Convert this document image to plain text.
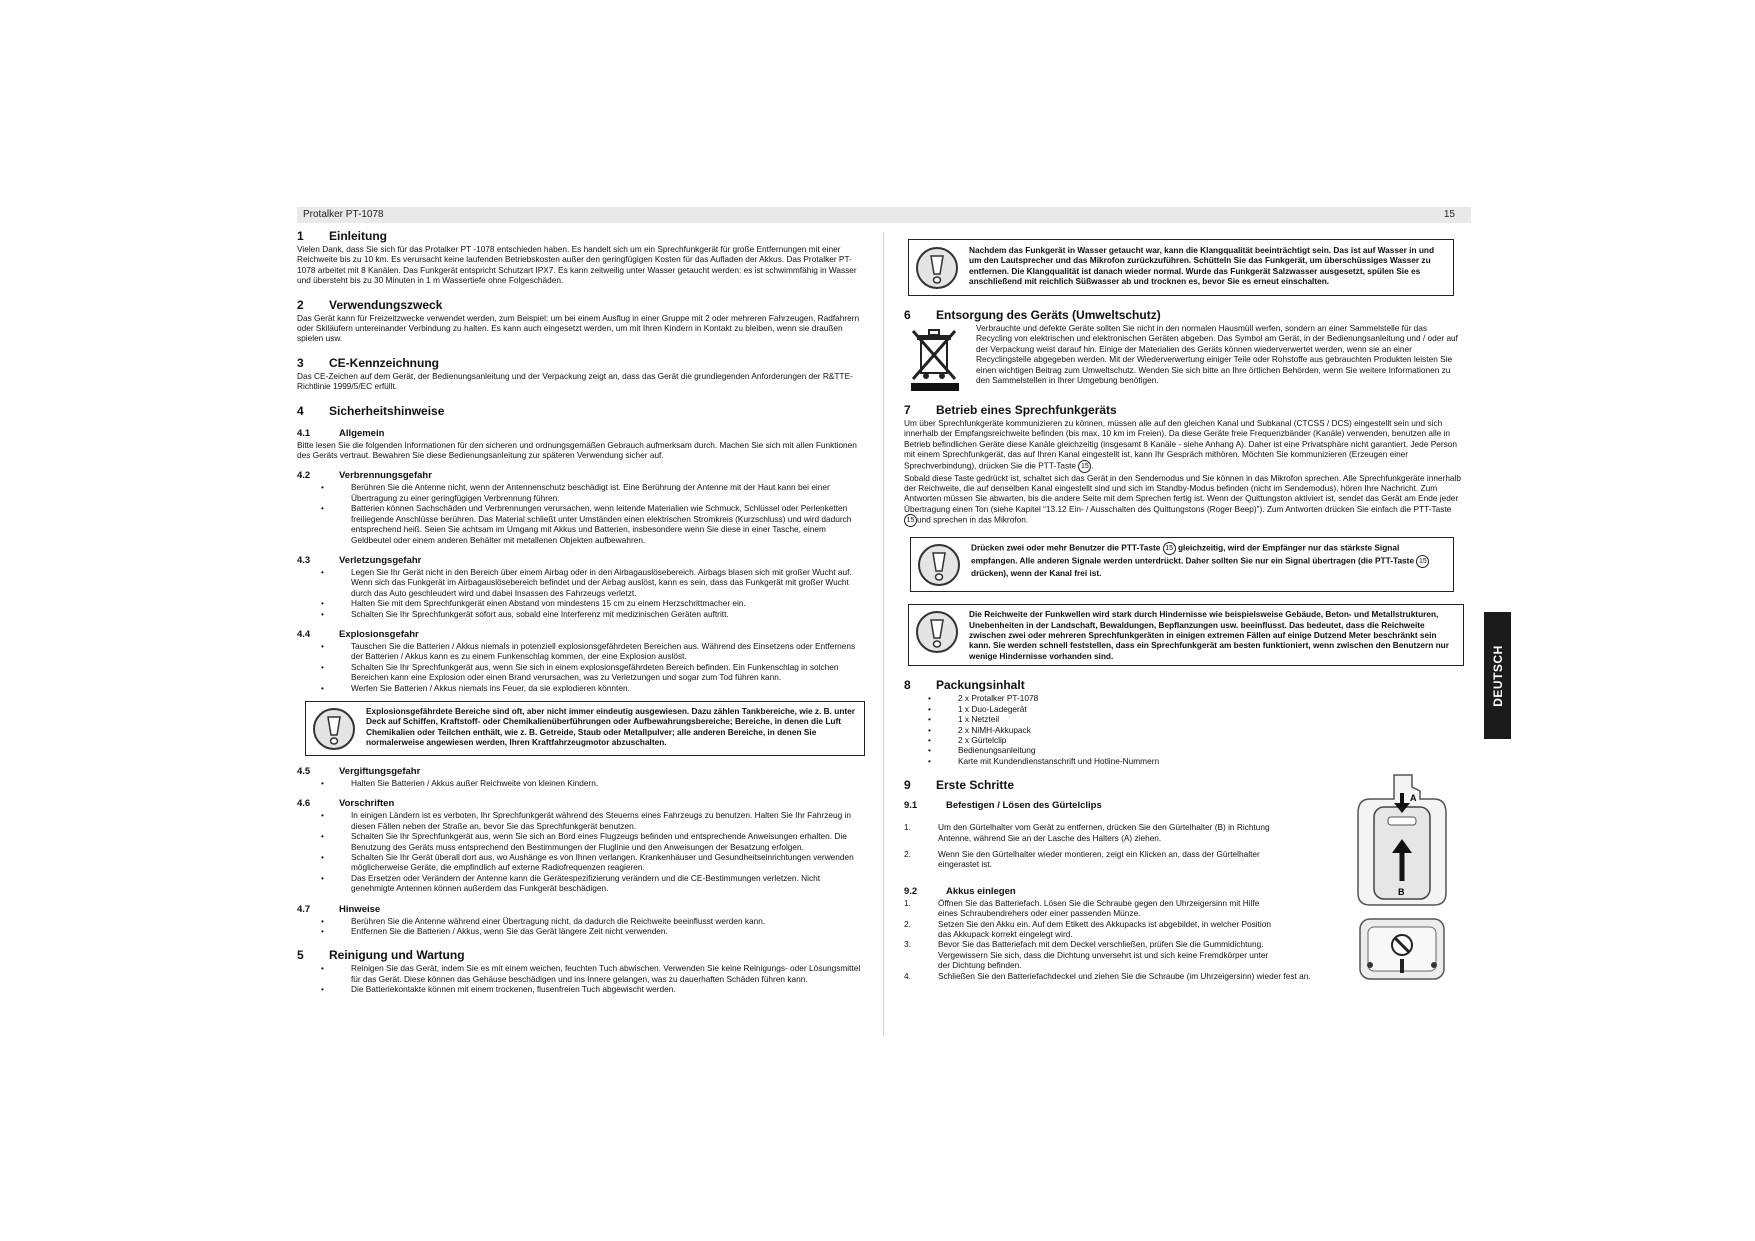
Protalker PT-1078	15
1 Einleitung

Vielen Dank, dass Sie sich für das Protalker PT -1078 entschieden haben. Es handelt sich um ein Sprechfunkgerät für große Entfernungen mit einer Reichweite bis zu 10 km. Es verursacht keine laufenden Betriebskosten außer den geringfügigen Kosten für das Aufladen der Akkus. Das Protalker PT-1078 arbeitet mit 8 Kanälen. Das Funkgerät entspricht Schutzart IPX7. Es kann zeitweilig unter Wasser getaucht werden: es ist schwimmfähig in Wasser und übersteht bis zu 30 Minuten in 1 m Wassertiefe ohne Folgeschäden.

2 Verwendungszweck

Das Gerät kann für Freizeitzwecke verwendet werden, zum Beispiel: um bei einem Ausflug in einer Gruppe mit 2 oder mehreren Fahrzeugen, Radfahrern oder Skiläufern untereinander Verbindung zu halten. Es kann auch eingesetzt werden, um mit Ihren Kindern in Kontakt zu bleiben, wenn sie draußen spielen usw.

3 CE-Kennzeichnung

Das CE-Zeichen auf dem Gerät, der Bedienungsanleitung und der Verpackung zeigt an, dass das Gerät die grundlegenden Anforderungen der R&TTE-Richtlinie 1999/5/EC erfüllt.

4 Sicherheitshinweise
4.1	Allgemein

Bitte lesen Sie die folgenden Informationen für den sicheren und ordnungsgemäßen Gebrauch aufmerksam durch. Machen Sie sich mit allen Funktionen des Geräts vertraut. Bewahren Sie diese Bedienungsanleitung zur späteren Verwendung sicher auf.

4.2	Verbrennungsgefahr
• Berühren Sie die Antenne nicht, wenn der Antennenschutz beschädigt ist. Eine Berührung der Antenne mit der Haut kann bei einer Übertragung zu einer geringfügigen Verbrennung führen.
• Batterien können Sachschäden und Verbrennungen verursachen, wenn leitende Materialien wie Schmuck, Schlüssel oder Perlenketten freiliegende Anschlüsse berühren. Das Material schließt unter Umständen einen elektrischen Stromkreis (Kurzschluss) und wird dadurch entsprechend heiß. Seien Sie achtsam im Umgang mit Akkus und Batterien, insbesondere wenn Sie diese in einer Tasche, einem Geldbeutel oder einem anderen Behälter mit metallenen Objekten aufbewahren.
4.3	Verletzungsgefahr
• Legen Sie Ihr Gerät nicht in den Bereich über einem Airbag oder in den Airbagauslösebereich. Airbags blasen sich mit großer Wucht auf. Wenn sich das Funkgerät im Airbagauslösebereich befindet und der Airbag auslöst, kann es sein, dass das Funkgerät mit großer Wucht durch das Auto geschleudert wird und dabei Insassen des Fahrzeugs verletzt.
• Halten Sie mit dem Sprechfunkgerät einen Abstand von mindestens 15 cm zu einem Herzschrittmacher ein.
• Schalten Sie Ihr Sprechfunkgerät sofort aus, sobald eine Interferenz mit medizinischen Geräten auftritt.
4.4	Explosionsgefahr
• Tauschen Sie die Batterien / Akkus niemals in potenziell explosionsgefährdeten Bereichen aus. Während des Einsetzens oder Entfernens der Batterien / Akkus kann es zu einem Funkenschlag kommen, der eine Explosion auslöst.
• Schalten Sie Ihr Sprechfunkgerät aus, wenn Sie sich in einem explosionsgefährdeten Bereich befinden. Ein Funkenschlag in solchen Bereichen kann eine Explosion oder einen Brand verursachen, was zu Verletzungen und sogar zum Tod führen kann.
• Werfen Sie Batterien / Akkus niemals ins Feuer, da sie explodieren könnten.
Explosionsgefährdete Bereiche sind oft, aber nicht immer eindeutig ausgewiesen. Dazu zählen Tankbereiche, wie z. B. unter Deck auf Schiffen, Kraftstoff- oder Chemikalienüberführungen oder Aufbewahrungsbereiche; Bereiche, in denen die Luft Chemikalien oder Teilchen enthält, wie z. B. Getreide, Staub oder Metallpulver; alle anderen Bereiche, in denen Sie normalerweise angewiesen werden, Ihren Kraftfahrzeugmotor abzuschalten.
4.5	Vergiftungsgefahr
• Halten Sie Batterien / Akkus außer Reichweite von kleinen Kindern.
4.6	Vorschriften
• In einigen Ländern ist es verboten, Ihr Sprechfunkgerät während des Steuerns eines Fahrzeugs zu benutzen. Halten Sie Ihr Fahrzeug in diesen Fällen neben der Straße an, bevor Sie das Sprechfunkgerät benutzen.
• Schalten Sie Ihr Sprechfunkgerät aus, wenn Sie sich an Bord eines Flugzeugs befinden und entsprechende Anweisungen erhalten. Die Benutzung des Geräts muss entsprechend den Bestimmungen der Fluglinie und den Anweisungen der Besatzung erfolgen.
• Schalten Sie Ihr Gerät überall dort aus, wo Aushänge es von Ihnen verlangen. Krankenhäuser und Gesundheitseinrichtungen verwenden möglicherweise Geräte, die empfindlich auf externe Radiofrequenzen reagieren.
• Das Ersetzen oder Verändern der Antenne kann die Gerätespezifizierung verändern und die CE-Bestimmungen verletzen. Nicht genehmigte Antennen können außerdem das Funkgerät beschädigen.
4.7	Hinweise
• Berühren Sie die Antenne während einer Übertragung nicht, da dadurch die Reichweite beeinflusst werden kann.
• Entfernen Sie die Batterien / Akkus, wenn Sie das Gerät längere Zeit nicht verwenden.
5 Reinigung und Wartung
• Reinigen Sie das Gerät, indem Sie es mit einem weichen, feuchten Tuch abwischen. Verwenden Sie keine Reinigungs- oder Lösungsmittel für das Gerät. Diese können das Gehäuse beschädigen und ins Innere gelangen, was zu dauerhaften Schäden führen kann.
• Die Batteriekontakte können mit einem trockenen, flusenfreien Tuch abgewischt werden.
Nachdem das Funkgerät in Wasser getaucht war, kann die Klangqualität beeinträchtigt sein. Das ist auf Wasser in und um den Lautsprecher und das Mikrofon zurückzuführen. Schütteln Sie das Funkgerät, um überschüssiges Wasser zu entfernen. Die Klangqualität ist danach wieder normal. Wurde das Funkgerät Salzwasser ausgesetzt, spülen Sie es anschließend mit reichlich Süßwasser ab und trocknen es, bevor Sie es erneut einschalten.
6 Entsorgung des Geräts (Umweltschutz)

Verbrauchte und defekte Geräte sollten Sie nicht in den normalen Hausmüll werfen, sondern an einer Sammelstelle für das Recycling von elektrischen und elektronischen Geräten abgeben. Das Symbol am Gerät, in der Bedienungsanleitung und / oder auf der Verpackung weist darauf hin. Einige der Materialien des Geräts können wiederverwertet werden, wenn sie an einer Recyclingstelle abgegeben werden. Mit der Wiederverwertung einiger Teile oder Rohstoffe aus gebrauchten Produkten leisten Sie einen wichtigen Beitrag zum Umweltschutz. Wenden Sie sich bitte an Ihre örtlichen Behörden, wenn Sie weitere Informationen zu den Sammelstellen in Ihrer Umgebung benötigen.

7 Betrieb eines Sprechfunkgeräts

Um über Sprechfunkgeräte kommunizieren zu können, müssen alle auf den gleichen Kanal und Subkanal (CTCSS / DCS) eingestellt sein und sich innerhalb der Empfangsreichweite befinden (bis max. 10 km im Freien). Da diese Geräte freie Frequenzbänder (Kanäle) verwenden, benutzen alle in Betrieb befindlichen Geräte diese Kanäle gleichzeitig (insgesamt 8 Kanäle - siehe Anhang A). Daher ist eine Privatsphäre nicht garantiert. Jede Person mit einem Sprechfunkgerät, das auf Ihren Kanal eingestellt ist, kann Ihr Gespräch mithören. Möchten Sie kommunizieren (Erzeugen einer Sprechverbindung), drücken Sie die PTT-Taste 15 .

Sobald diese Taste gedrückt ist, schaltet sich das Gerät in den Sendemodus und Sie können in das Mikrofon sprechen. Alle Sprechfunkgeräte innerhalb der Reichweite, die auf denselben Kanal eingestellt sind und sich im Standby-Modus befinden (nicht im Sendemodus), hören Ihre Nachricht. Zum Antworten müssen Sie abwarten, bis die andere Seite mit dem Sprechen fertig ist. Wenn der Quittungston aktiviert ist, sendet das Gerät am Ende jeder Übertragung einen Ton (siehe Kapitel “13.12 Ein- / Ausschalten des Quittungstons (Roger Beep)”). Zum Antworten drücken Sie einfach die PTT-Taste 15 und sprechen in das Mikrofon.

Drücken zwei oder mehr Benutzer die PTT-Taste 15 gleichzeitig, wird der Empfänger nur das stärkste Signal empfangen. Alle anderen Signale werden unterdrückt. Daher sollten Sie nur ein Signal übertragen (die PTT-Taste 15 drücken), wenn der Kanal frei ist.
Die Reichweite der Funkwellen wird stark durch Hindernisse wie beispielsweise Gebäude, Beton- und Metallstrukturen, Unebenheiten in der Landschaft, Bewaldungen, Bepflanzungen usw. beeinflusst. Das bedeutet, dass die Reichweite zwischen zwei oder mehreren Sprechfunkgeräten in einigen extremen Fällen auf einige Dutzend Meter beschränkt sein kann. Sie werden schnell feststellen, dass ein Sprechfunkgerät am besten funktioniert, wenn zwischen den Benutzern nur wenige Hindernisse vorhanden sind.
8 Packungsinhalt
• 2 x Protalker PT-1078
• 1 x Duo-Ladegerät
• 1 x Netzteil
• 2 x NiMH-Akkupack
• 2 x Gürtelclip
• Bedienungsanleitung
• Karte mit Kundendienstanschrift und Hotline-Nummern
9 Erste Schritte
9.1	Befestigen / Lösen des Gürtelclips
1.	Um den Gürtelhalter vom Gerät zu entfernen, drücken Sie den Gürtelhalter (B) in Richtung Antenne, während Sie an der Lasche des Halters (A) ziehen.
2.	Wenn Sie den Gürtelhalter wieder montieren, zeigt ein Klicken an, dass der Gürtelhalter eingerastet ist.
9.2	Akkus einlegen
1.	Öffnen Sie das Batteriefach. Lösen Sie die Schraube gegen den Uhrzeigersinn mit Hilfe eines Schraubendrehers oder einer passenden Münze.
2.	Setzen Sie den Akku ein. Auf dem Etikett des Akkupacks ist abgebildet, in welcher Position das Akkupack korrekt eingelegt wird.
3.	Bevor Sie das Batteriefach mit dem Deckel verschließen, prüfen Sie die Gummidichtung. Vergewissern Sie sich, dass die Dichtung unversehrt ist und sich keine Fremdkörper unter der Dichtung befinden.
4.	Schließen Sie den Batteriefachdeckel und ziehen Sie die Schraube (im Uhrzeigersinn) wieder fest an.
DEUTSCH
A
B
